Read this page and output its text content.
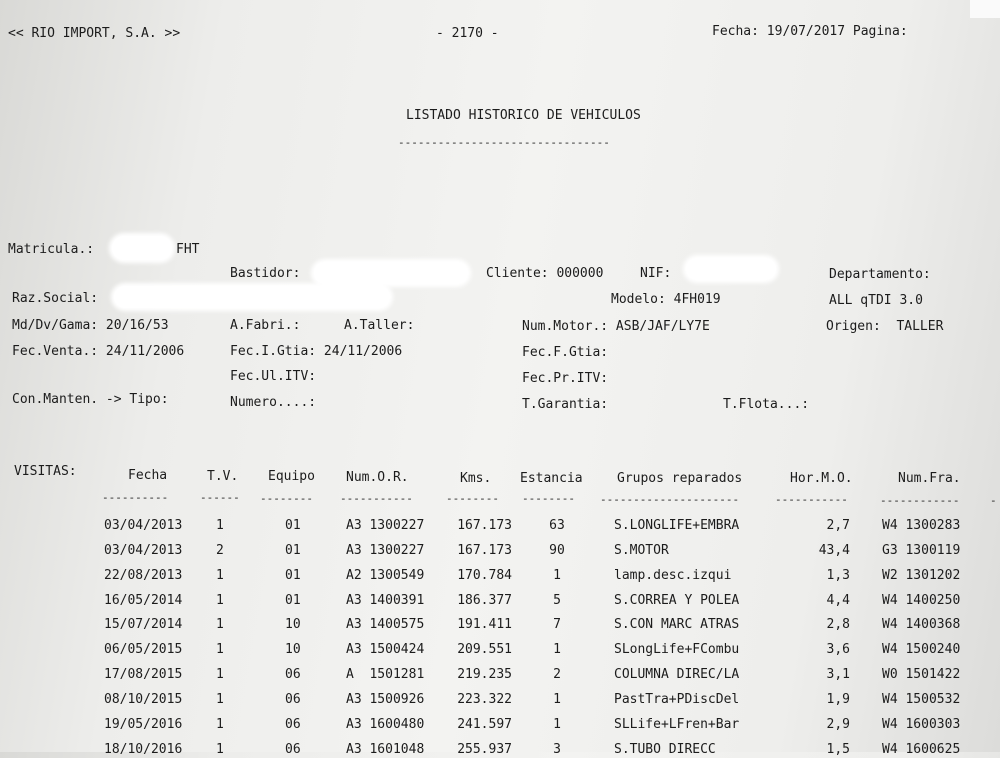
<< RIO IMPORT, S.A. >>	- 2170 -	Fecha: 19/07/2017 Pagina:
LISTADO HISTORICO DE VEHICULOS
--------------------------------
Matricula.:	FHT
Bastidor:	Cliente: 000000	NIF:	Departamento:
Raz.Social:	Modelo: 4FH019	ALL qTDI 3.0
Md/Dv/Gama: 20/16/53	A.Fabri.:	A.Taller:	Num.Motor.: ASB/JAF/LY7E	Origen:  TALLER
Fec.Venta.: 24/11/2006	Fec.I.Gtia: 24/11/2006	Fec.F.Gtia:
Fec.Ul.ITV:	Fec.Pr.ITV:
Con.Manten. -> Tipo:	Numero....:	T.Garantia:	T.Flota...:
VISITAS:	Fecha	T.V. Equipo Num.O.R.	Kms. Estancia	Grupos reparados	Hor.M.O.	Num.Fra.
----------	------ -------- -----------	-------- -------- ---------------------	-----------	------------	-
03/04/2013	1	01	A3 1300227	167.173	63	S.LONGLIFE+EMBRA	2,7 W4 1300283
03/04/2013	2	01	A3 1300227	167.173	90	S.MOTOR	43,4 G3 1300119
22/08/2013	1	01	A2 1300549	170.784	1	lamp.desc.izqui	1,3 W2 1301202
16/05/2014	1	01	A3 1400391	186.377	5	S.CORREA Y POLEA	4,4 W4 1400250
15/07/2014	1	10	A3 1400575	191.411	7	S.CON MARC ATRAS	2,8 W4 1400368
06/05/2015	1	10	A3 1500424	209.551	1	SLongLife+FCombu	3,6 W4 1500240
17/08/2015	1	06	A  1501281	219.235	2	COLUMNA DIREC/LA	3,1 W0 1501422
08/10/2015	1	06	A3 1500926	223.322	1	PastTra+PDiscDel	1,9 W4 1500532
19/05/2016	1	06	A3 1600480	241.597	1	SLLife+LFren+Bar	2,9 W4 1600303
18/10/2016	1	06	A3 1601048	255.937	3	S.TUBO DIRECC	1,5 W4 1600625
